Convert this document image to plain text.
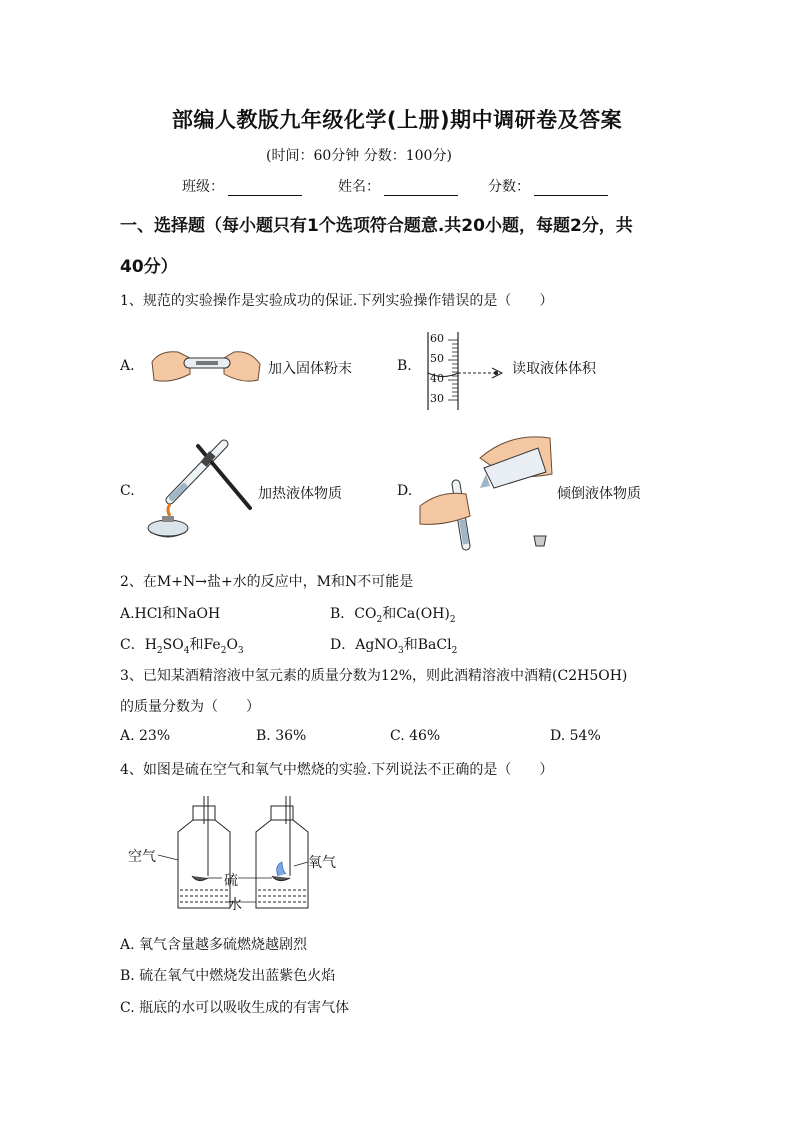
部编人教版九年级化学(上册)期中调研卷及答案
(时间：60分钟 分数：100分)
班级：	姓名：	分数：
一、选择题（每小题只有1个选项符合题意.共20小题，每题2分，共
40分）
1、规范的实验操作是实验成功的保证.下列实验操作错误的是（　　）
A.	加入固体粉末	B.
60
50
40
30
读取液体体积
C.	加热液体物质	D.	倾倒液体物质
2、在M+N→盐+水的反应中，M和N不可能是
A.HCl和NaOH	B．$CO_2$和$Ca(OH)_2$
C．$H_2SO_4$和$Fe_2O_3$	D．AgNO$_3$和BaCl$_2$
3、已知某酒精溶液中氢元素的质量分数为12%，则此酒精溶液中酒精(C2H5OH)
的质量分数为（　　）
A. 23%	B. 36%	C. 46%	D. 54%
4、如图是硫在空气和氧气中燃烧的实验.下列说法不正确的是（　　）
空气
硫
氧气
水
A. 氧气含量越多硫燃烧越剧烈
B. 硫在氧气中燃烧发出蓝紫色火焰
C. 瓶底的水可以吸收生成的有害气体
